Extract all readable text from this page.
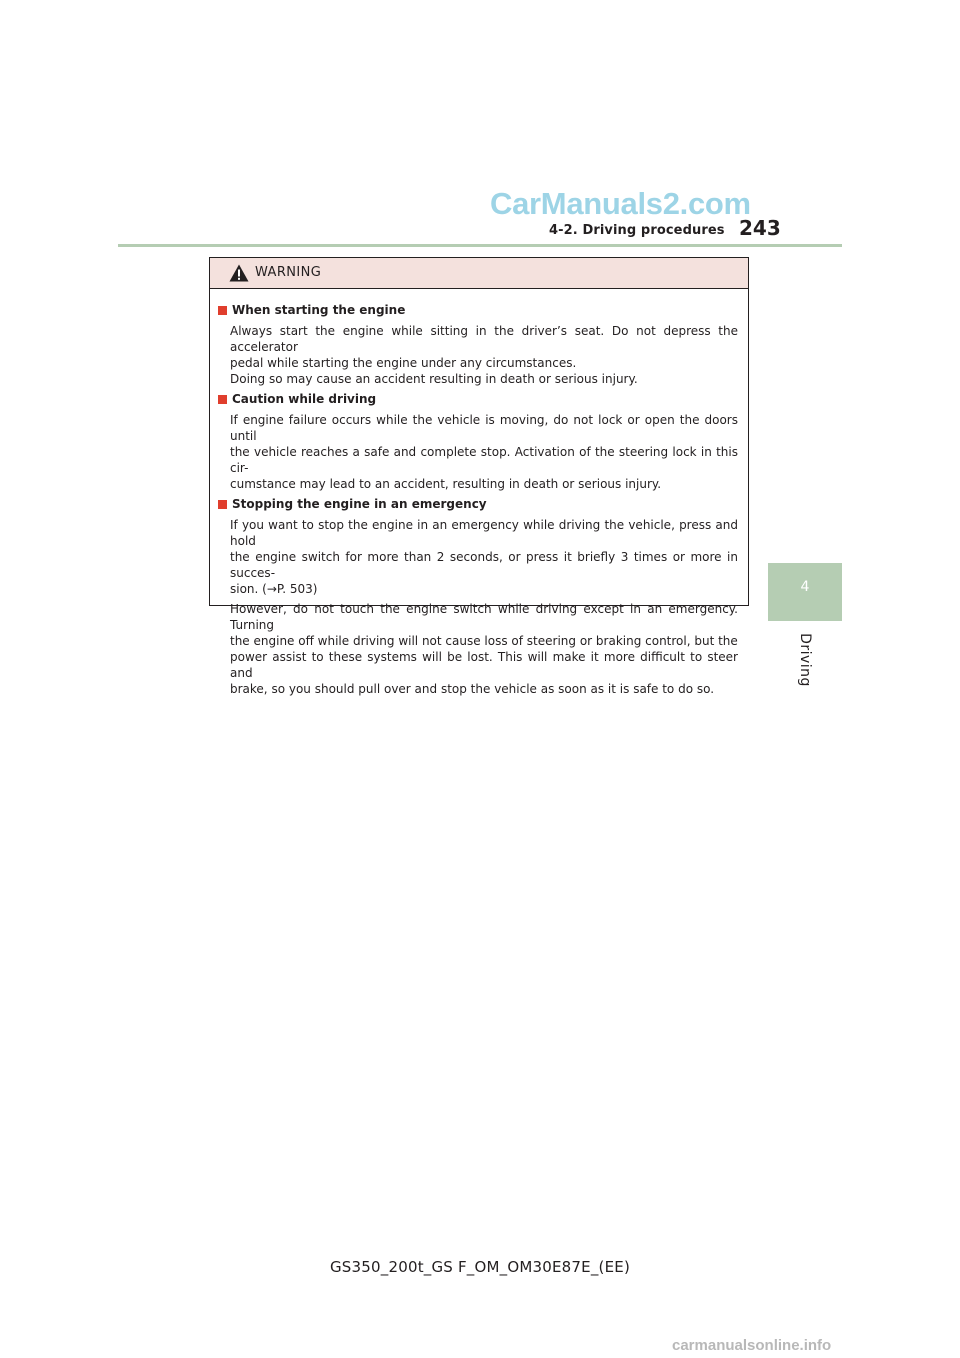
CarManuals2.com
4-2. Driving procedures 243
4
Driving
WARNING
When starting the engine
Always start the engine while sitting in the driver’s seat. Do not depress the accelerator
pedal while starting the engine under any circumstances.
Doing so may cause an accident resulting in death or serious injury.
Caution while driving
If engine failure occurs while the vehicle is moving, do not lock or open the doors until
the vehicle reaches a safe and complete stop. Activation of the steering lock in this cir-
cumstance may lead to an accident, resulting in death or serious injury.
Stopping the engine in an emergency
If you want to stop the engine in an emergency while driving the vehicle, press and hold
the engine switch for more than 2 seconds, or press it briefly 3 times or more in succes-
sion. (→P. 503)
However, do not touch the engine switch while driving except in an emergency. Turning
the engine off while driving will not cause loss of steering or braking control, but the
power assist to these systems will be lost. This will make it more difficult to steer and
brake, so you should pull over and stop the vehicle as soon as it is safe to do so.
GS350_200t_GS F_OM_OM30E87E_(EE)
carmanualsonline.info
